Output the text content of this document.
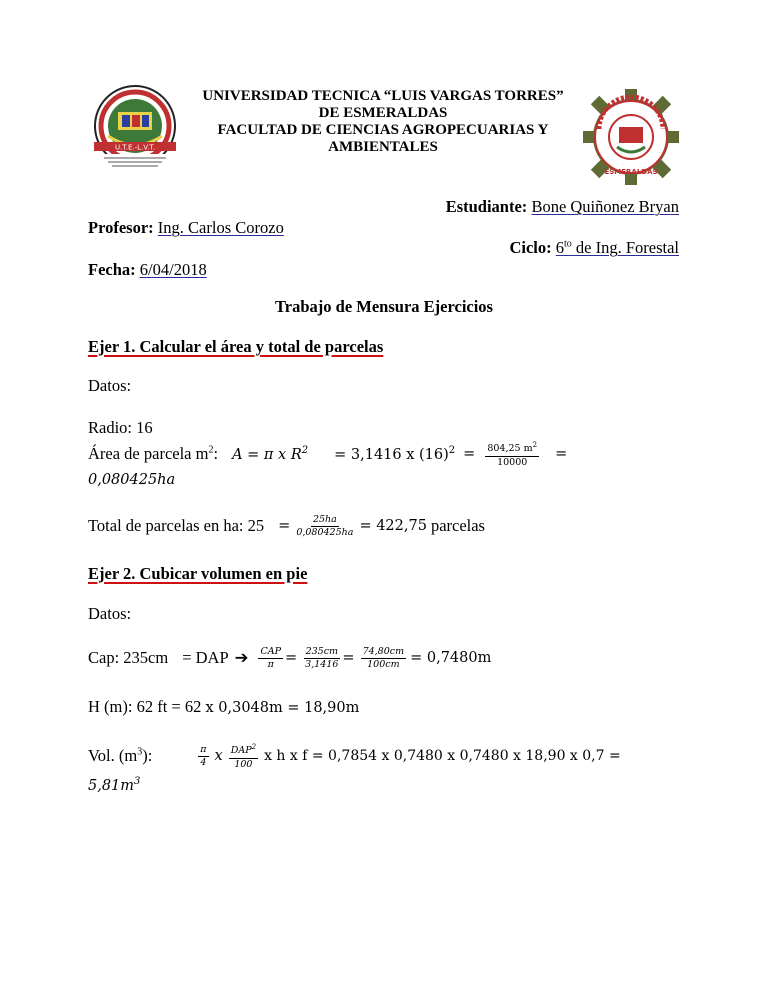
U.T.E.-L.V.T.
UNIVERSIDAD TECNICA “LUIS VARGAS TORRES”
DE ESMERALDAS
FACULTAD DE CIENCIAS AGROPECUARIAS Y
AMBIENTALES
ESMERALDAS
Estudiante: Bone Quiñonez Bryan
Profesor: Ing. Carlos Corozo
Ciclo: $6^{to}$ de Ing. Forestal
Fecha: 6/04/2018
Trabajo de Mensura Ejercicios
Ejer 1. Calcular el área y total de parcelas
Datos:
Radio: 16
Área de parcela $m^2$: A = π x $R^2 = 3,1416$ x $(16)^2 = \frac{804,25 m^2}{10000}$ =
0,080425ha
Total de parcelas en ha: $25 = \frac{25ha}{0,080425ha} = 422,75$ parcelas
Ejer 2. Cubicar volumen en pie
Datos:
Cap: 235cm = DAP ➔ $\frac{\text{CAP}}{\pi} = \frac{235cm}{3,1416} = \frac{74,80cm}{100cm} = 0,7480m$
H (m): 62 ft = 62 x 0,3048m = 18,90m
Vol. $(m^3)$:	$\frac{\pi}{4}$ x $\frac{DAP^2}{100}$ x h x f = 0,7854 x 0,7480 x 0,7480 x 18,90 x 0,7 =
$5,81m^3$
